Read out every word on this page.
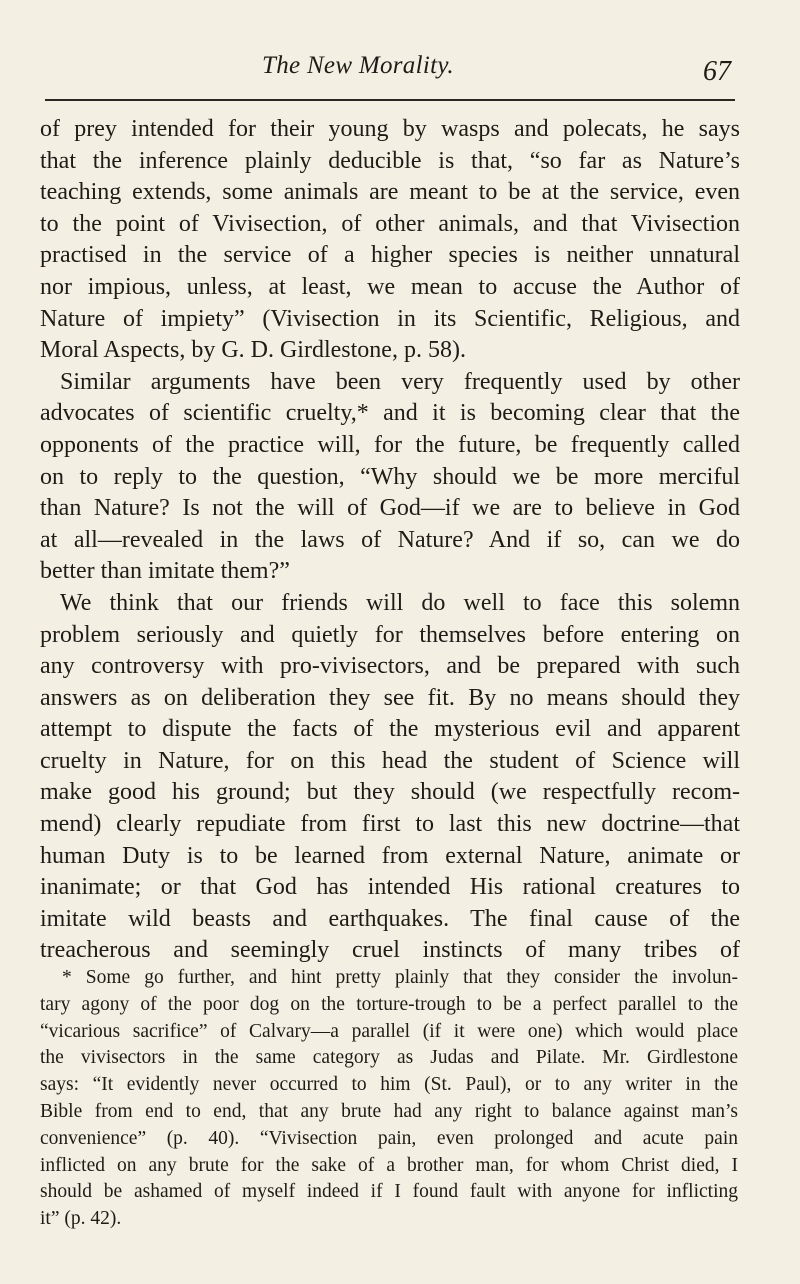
The New Morality.	67
of prey intended for their young by wasps and polecats, he says
that the inference plainly deducible is that, “so far as Nature’s
teaching extends, some animals are meant to be at the service, even
to the point of Vivisection, of other animals, and that Vivisection
practised in the service of a higher species is neither unnatural
nor impious, unless, at least, we mean to accuse the Author of
Nature of impiety” (Vivisection in its Scientific, Religious, and
Moral Aspects, by G. D. Girdlestone, p. 58).
Similar arguments have been very frequently used by other
advocates of scientific cruelty,* and it is becoming clear that the
opponents of the practice will, for the future, be frequently called
on to reply to the question, “Why should we be more merciful
than Nature? Is not the will of God—if we are to believe in God
at all—revealed in the laws of Nature? And if so, can we do
better than imitate them?”
We think that our friends will do well to face this solemn
problem seriously and quietly for themselves before entering on
any controversy with pro-vivisectors, and be prepared with such
answers as on deliberation they see fit. By no means should they
attempt to dispute the facts of the mysterious evil and apparent
cruelty in Nature, for on this head the student of Science will
make good his ground; but they should (we respectfully recom-
mend) clearly repudiate from first to last this new doctrine—that
human Duty is to be learned from external Nature, animate or
inanimate; or that God has intended His rational creatures to
imitate wild beasts and earthquakes. The final cause of the
treacherous and seemingly cruel instincts of many tribes of
* Some go further, and hint pretty plainly that they consider the involun-
tary agony of the poor dog on the torture-trough to be a perfect parallel to the
“vicarious sacrifice” of Calvary—a parallel (if it were one) which would place
the vivisectors in the same category as Judas and Pilate. Mr. Girdlestone
says: “It evidently never occurred to him (St. Paul), or to any writer in the
Bible from end to end, that any brute had any right to balance against man’s
convenience” (p. 40). “Vivisection pain, even prolonged and acute pain
inflicted on any brute for the sake of a brother man, for whom Christ died, I
should be ashamed of myself indeed if I found fault with anyone for inflicting
it” (p. 42).
